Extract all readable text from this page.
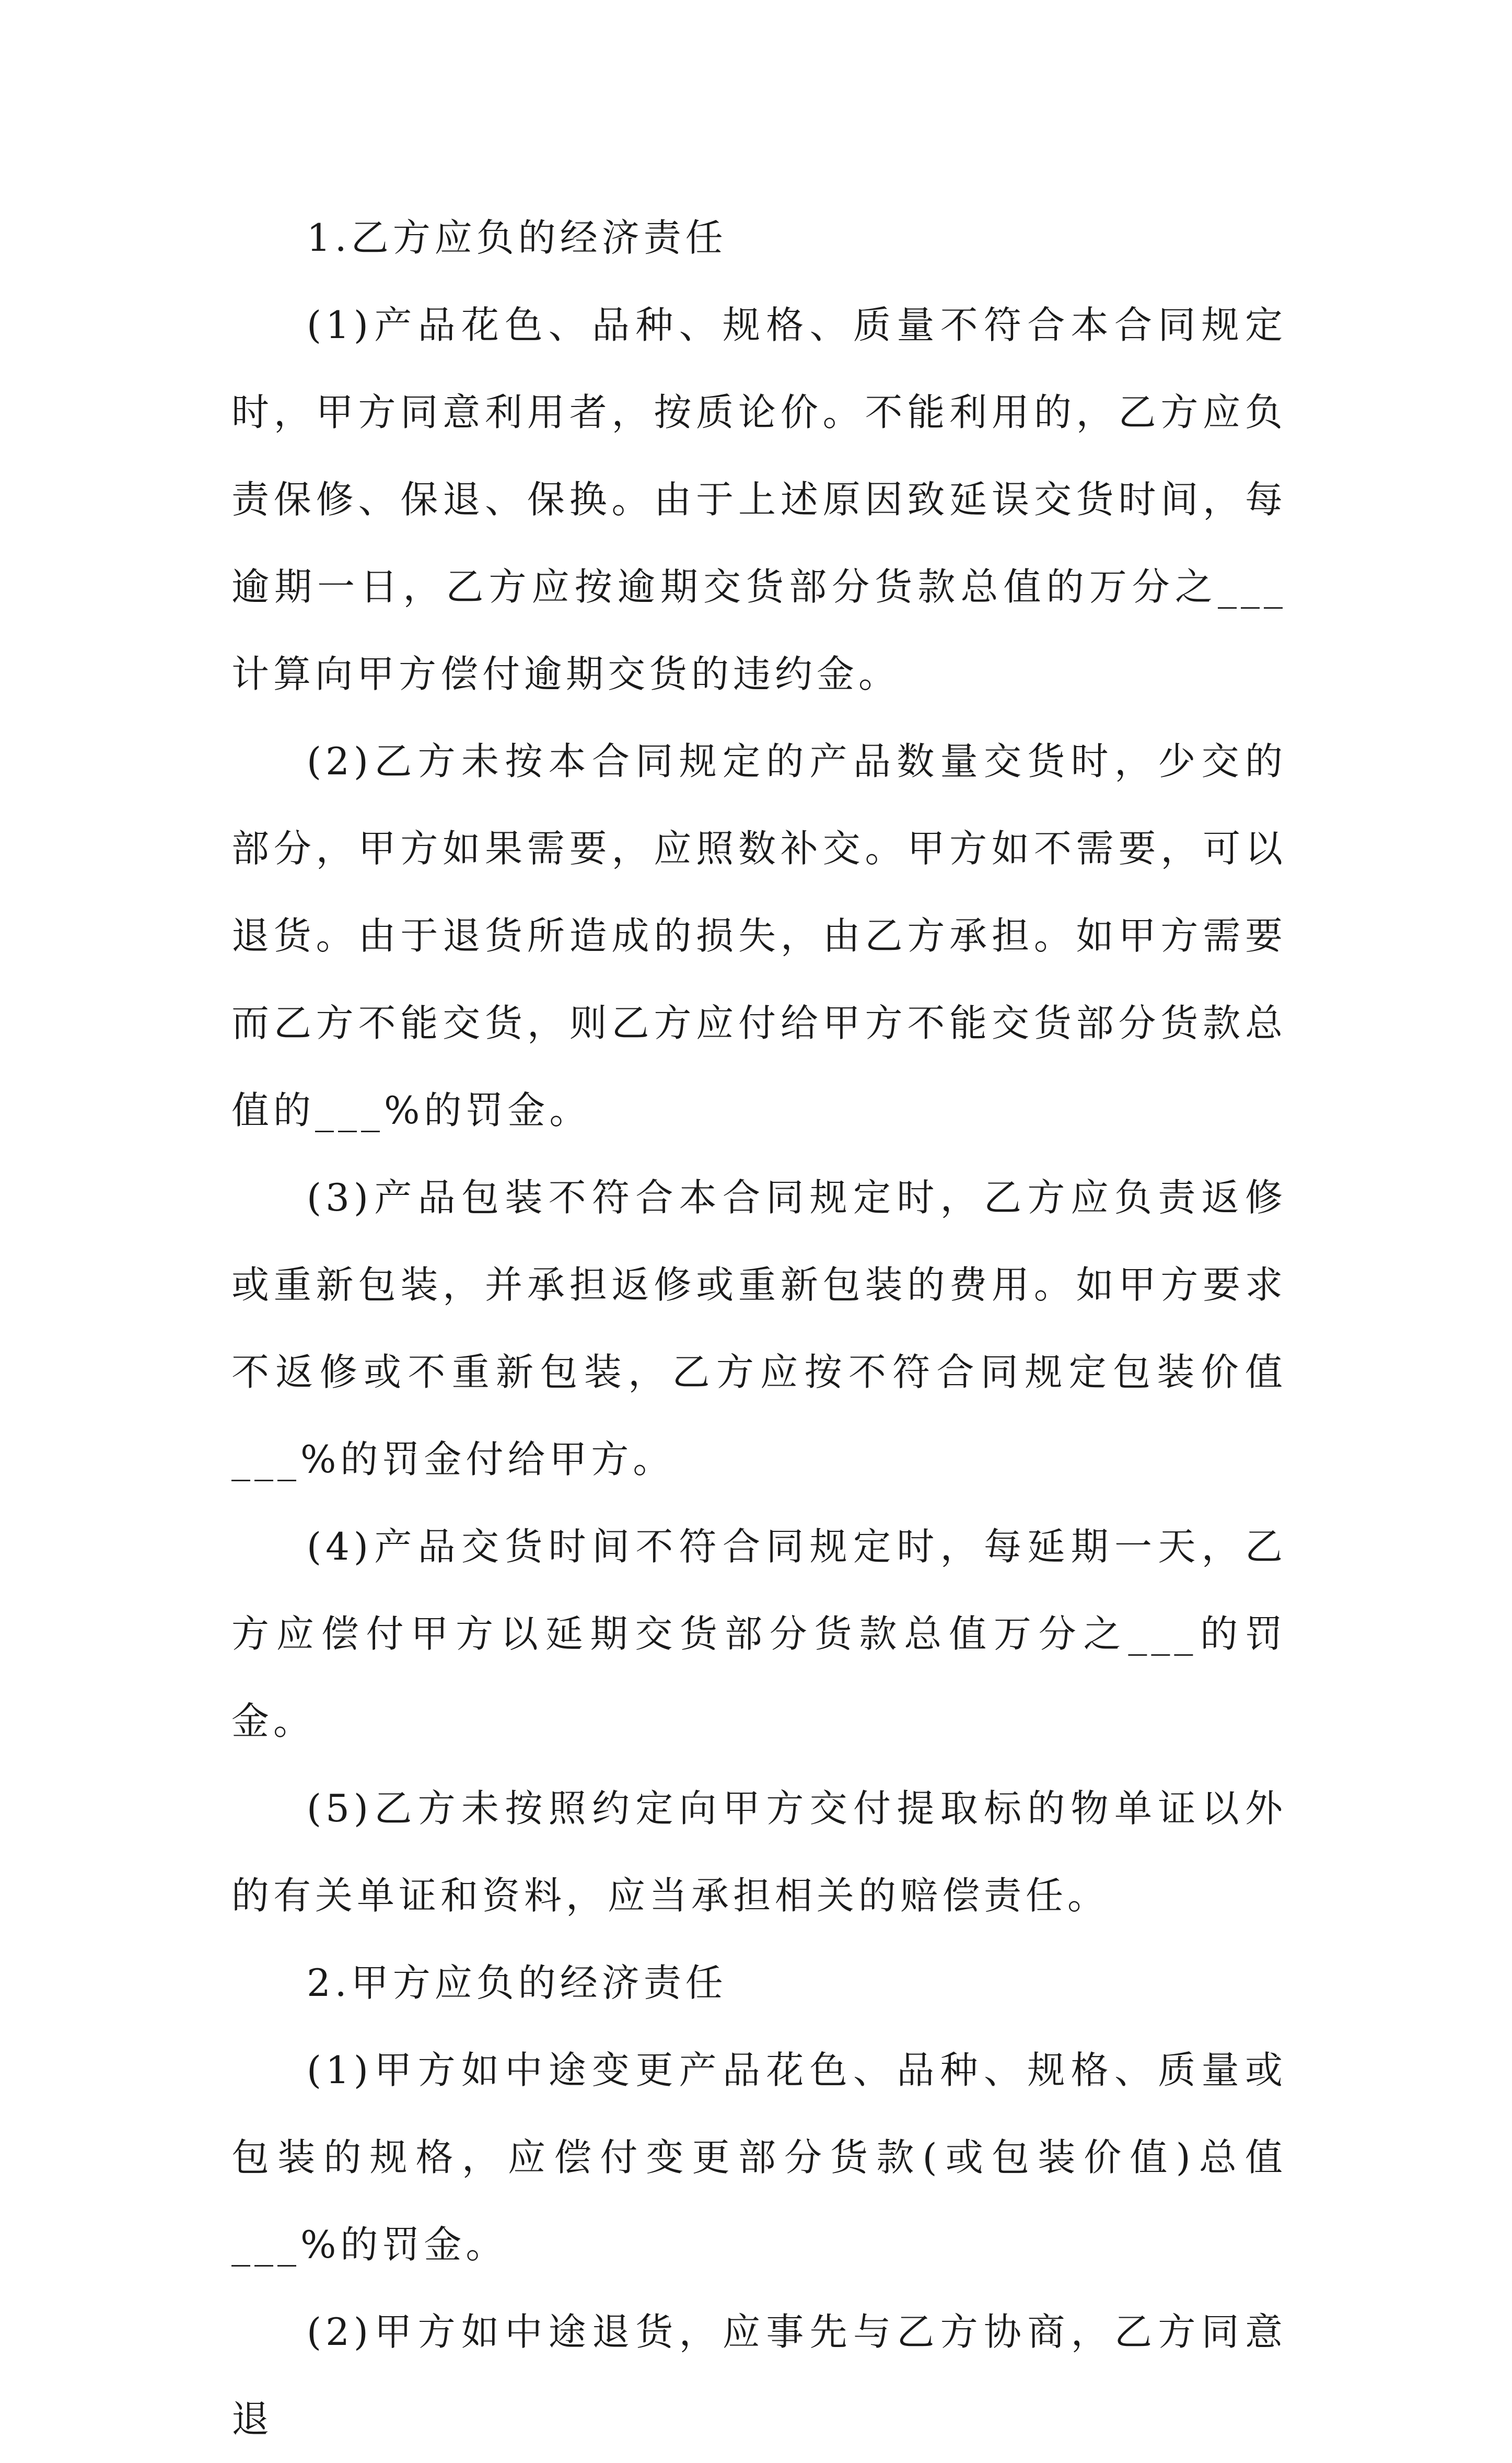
1.乙方应负的经济责任

(1)产品花色、品种、规格、质量不符合本合同规定时，甲方同意利用者，按质论价。不能利用的，乙方应负责保修、保退、保换。由于上述原因致延误交货时间，每逾期一日，乙方应按逾期交货部分货款总值的万分之___计算向甲方偿付逾期交货的违约金。

(2)乙方未按本合同规定的产品数量交货时，少交的部分，甲方如果需要，应照数补交。甲方如不需要，可以退货。由于退货所造成的损失，由乙方承担。如甲方需要而乙方不能交货，则乙方应付给甲方不能交货部分货款总值的___%的罚金。

(3)产品包装不符合本合同规定时，乙方应负责返修或重新包装，并承担返修或重新包装的费用。如甲方要求不返修或不重新包装，乙方应按不符合同规定包装价值___%的罚金付给甲方。

(4)产品交货时间不符合同规定时，每延期一天，乙方应偿付甲方以延期交货部分货款总值万分之___的罚金。

(5)乙方未按照约定向甲方交付提取标的物单证以外的有关单证和资料，应当承担相关的赔偿责任。

2.甲方应负的经济责任

(1)甲方如中途变更产品花色、品种、规格、质量或包装的规格，应偿付变更部分货款(或包装价值)总值___%的罚金。

(2)甲方如中途退货，应事先与乙方协商，乙方同意退
